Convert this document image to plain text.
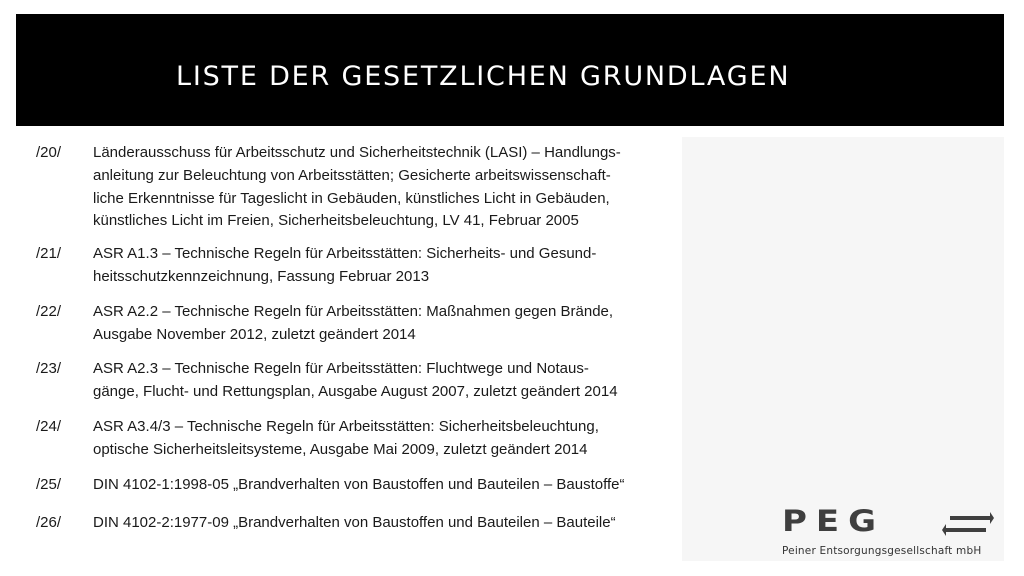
LISTE DER GESETZLICHEN GRUNDLAGEN
/20/ Länderausschuss für Arbeitsschutz und Sicherheitstechnik (LASI) – Handlungs-
anleitung zur Beleuchtung von Arbeitsstätten; Gesicherte arbeitswissenschaft-
liche Erkenntnisse für Tageslicht in Gebäuden, künstliches Licht in Gebäuden,
künstliches Licht im Freien, Sicherheitsbeleuchtung, LV 41, Februar 2005
/21/ ASR A1.3 – Technische Regeln für Arbeitsstätten: Sicherheits- und Gesund-
heitsschutzkennzeichnung, Fassung Februar 2013
/22/ ASR A2.2 – Technische Regeln für Arbeitsstätten: Maßnahmen gegen Brände,
Ausgabe November 2012, zuletzt geändert 2014
/23/ ASR A2.3 – Technische Regeln für Arbeitsstätten: Fluchtwege und Notaus-
gänge, Flucht- und Rettungsplan, Ausgabe August 2007, zuletzt geändert 2014
/24/ ASR A3.4/3 – Technische Regeln für Arbeitsstätten: Sicherheitsbeleuchtung,
optische Sicherheitsleitsysteme, Ausgabe Mai 2009, zuletzt geändert 2014
/25/ DIN 4102-1:1998-05 „Brandverhalten von Baustoffen und Bauteilen – Baustoffe“
/26/ DIN 4102-2:1977-09 „Brandverhalten von Baustoffen und Bauteilen – Bauteile“	PEG
Peiner Entsorgungsgesellschaft mbH
